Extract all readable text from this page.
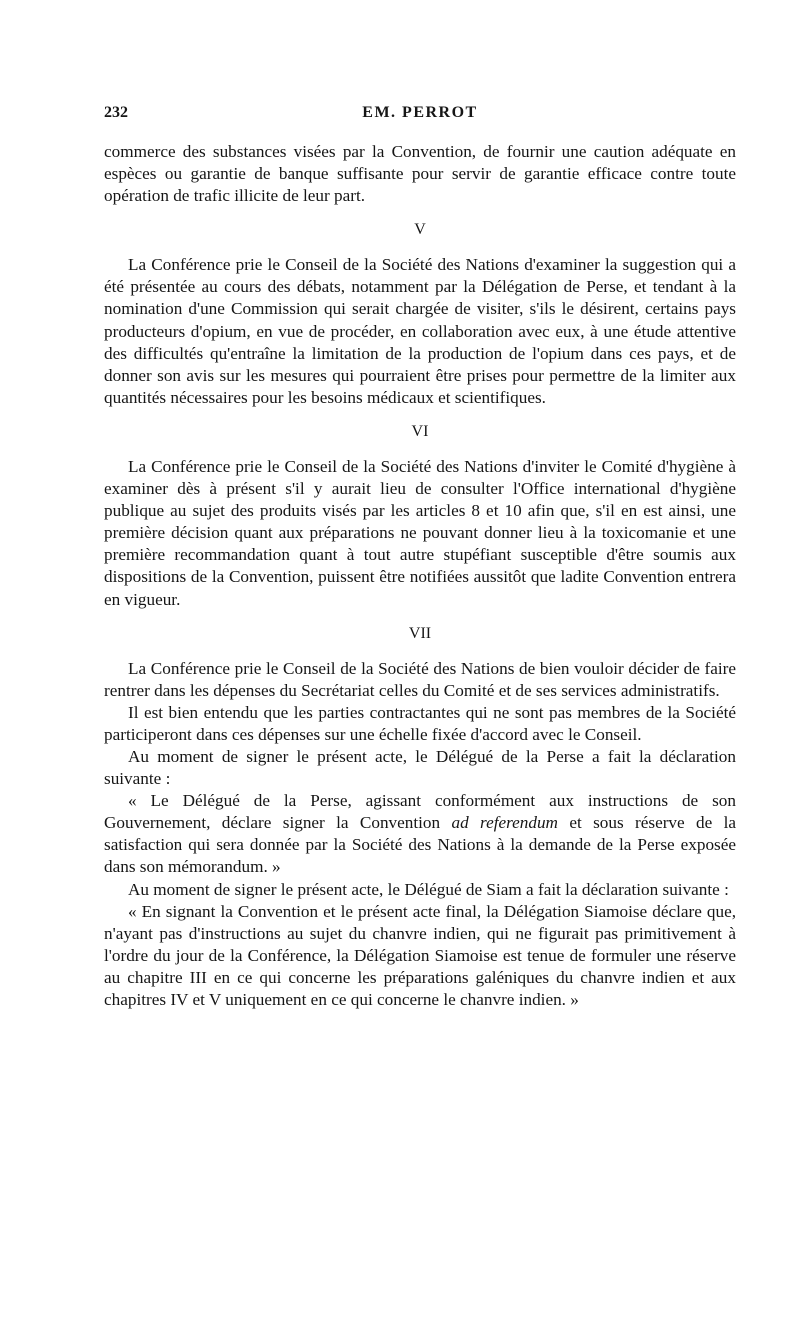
232	EM. PERROT

commerce des substances visées par la Convention, de fournir une caution adéquate en espèces ou garantie de banque suffisante pour servir de garantie efficace contre toute opération de trafic illicite de leur part.

V

La Conférence prie le Conseil de la Société des Nations d'examiner la suggestion qui a été présentée au cours des débats, notamment par la Délégation de Perse, et tendant à la nomination d'une Commission qui serait chargée de visiter, s'ils le désirent, certains pays producteurs d'opium, en vue de procéder, en collaboration avec eux, à une étude attentive des difficultés qu'entraîne la limitation de la production de l'opium dans ces pays, et de donner son avis sur les mesures qui pourraient être prises pour permettre de la limiter aux quantités nécessaires pour les besoins médicaux et scientifiques.

VI

La Conférence prie le Conseil de la Société des Nations d'inviter le Comité d'hygiène à examiner dès à présent s'il y aurait lieu de consulter l'Office international d'hygiène publique au sujet des produits visés par les articles 8 et 10 afin que, s'il en est ainsi, une première décision quant aux préparations ne pouvant donner lieu à la toxicomanie et une première recommandation quant à tout autre stupéfiant susceptible d'être soumis aux dispositions de la Convention, puissent être notifiées aussitôt que ladite Convention entrera en vigueur.

VII

La Conférence prie le Conseil de la Société des Nations de bien vouloir décider de faire rentrer dans les dépenses du Secrétariat celles du Comité et de ses services administratifs.

Il est bien entendu que les parties contractantes qui ne sont pas membres de la Société participeront dans ces dépenses sur une échelle fixée d'accord avec le Conseil.

Au moment de signer le présent acte, le Délégué de la Perse a fait la déclaration suivante :

« Le Délégué de la Perse, agissant conformément aux instructions de son Gouvernement, déclare signer la Convention ad referendum et sous réserve de la satisfaction qui sera donnée par la Société des Nations à la demande de la Perse exposée dans son mémorandum. »

Au moment de signer le présent acte, le Délégué de Siam a fait la déclaration suivante :

« En signant la Convention et le présent acte final, la Délégation Siamoise déclare que, n'ayant pas d'instructions au sujet du chanvre indien, qui ne figurait pas primitivement à l'ordre du jour de la Conférence, la Délégation Siamoise est tenue de formuler une réserve au chapitre III en ce qui concerne les préparations galéniques du chanvre indien et aux chapitres IV et V uniquement en ce qui concerne le chanvre indien. »
